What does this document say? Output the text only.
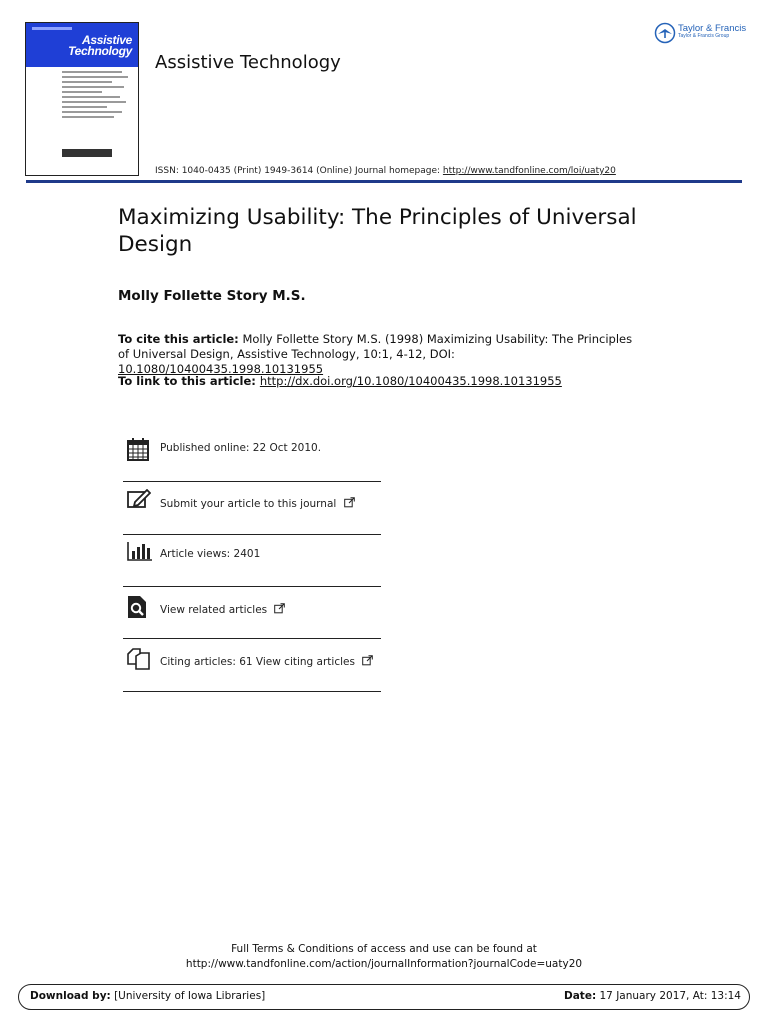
Assistive
Technology
Assistive Technology
ISSN: 1040-0435 (Print) 1949-3614 (Online) Journal homepage: http://www.tandfonline.com/loi/uaty20
Taylor & Francis
Taylor & Francis Group
Maximizing Usability: The Principles of Universal Design
Molly Follette Story M.S.
To cite this article: Molly Follette Story M.S. (1998) Maximizing Usability: The Principles of Universal Design, Assistive Technology, 10:1, 4-12, DOI: 10.1080/10400435.1998.10131955
To link to this article: http://dx.doi.org/10.1080/10400435.1998.10131955
Published online: 22 Oct 2010.
Submit your article to this journal
Article views: 2401
View related articles
Citing articles: 61 View citing articles
Full Terms & Conditions of access and use can be found at
http://www.tandfonline.com/action/journalInformation?journalCode=uaty20
Download by: [University of Iowa Libraries]	Date: 17 January 2017, At: 13:14
